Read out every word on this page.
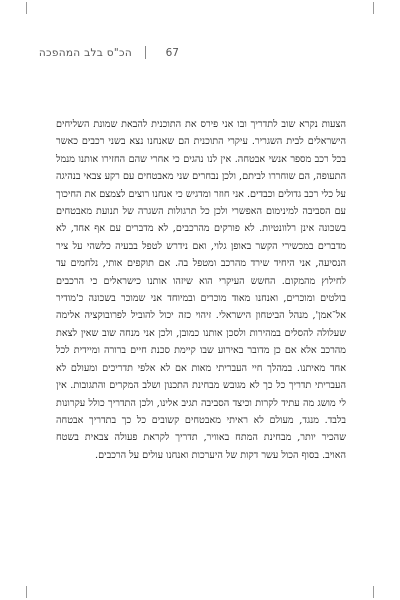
הכ"ס בלב המהפכה	67

הצעות נקרא שוב לתדריך ובו אני פירס את התוכנית להבאת שמונת השליחים הישראלים לבית השגריר. עיקרי התוכנית הם שאנחנו נצא בשני רכבים כאשר בכל רכב מספר אנשי אבטחה. אין לנו נהגים כי אחרי שהם החזירו אותנו מנמל התעופה, הם שוחררו לביתם, ולכן נבחרים שני מאבטחים עם רקע צבאי בנהיגה על כלי רכב גדולים וכבדים. אני חוזר ומדגיש כי אנחנו רוצים לצמצם את החיכוך עם הסביבה למינימום האפשרי ולכן כל תרגולות השגרה של תנועת מאבטחים בשכונה אינן רלוונטיות. לא פורקים מהרכבים, לא מדברים עם אף אחד, לא מדברים במכשירי הקשר באופן גלוי, ואם נידרש לטפל בבעיה כלשהי על ציר הנסיעה, אני היחיד שירד מהרכב ומטפל בה. אם תוקפים אותי, נלחמים עד לחילוץ מהמקום. החשש העיקרי הוא שיזהו אותנו כישראלים כי הרכבים בולטים ומוכרים, ואנחנו מאוד מוכרים ובמיוחד אני שמוכר בשכונה כ'מודיר אל־אמן', מנהל הביטחון הישראלי. זיהוי כזה יכול להוביל לפרובוקציה אלימה שעלולה להסלים במהירות ולסכן אותנו כמובן, ולכן אני מנחה שוב שאין לצאת מהרכב אלא אם כן מדובר באירוע שבו קיימת סכנת חיים ברורה ומיידית לכל אחד מאיתנו. במהלך חיי העבריתי מאות אם לא אלפי תדריכים ומעולם לא העבריתי תדריך כל כך לא מגובש מבחינת התכנון ושלב המקרים והתגובות. אין לי מושג מה עתיד לקרות וכיצד הסביבה תגיב אלינו, ולכן התדריך כולל עקרונות בלבד. מנגד, מעולם לא ראיתי מאבטחים קשובים כל כך בתדריך אבטחה שהכיר יותר, מבחינת המתח באוויר, תדריך לקראת פעולה צבאית בשטח האויב. בסוף הכול עשר דקות של היערכות ואנחנו עולים על הרכבים.
